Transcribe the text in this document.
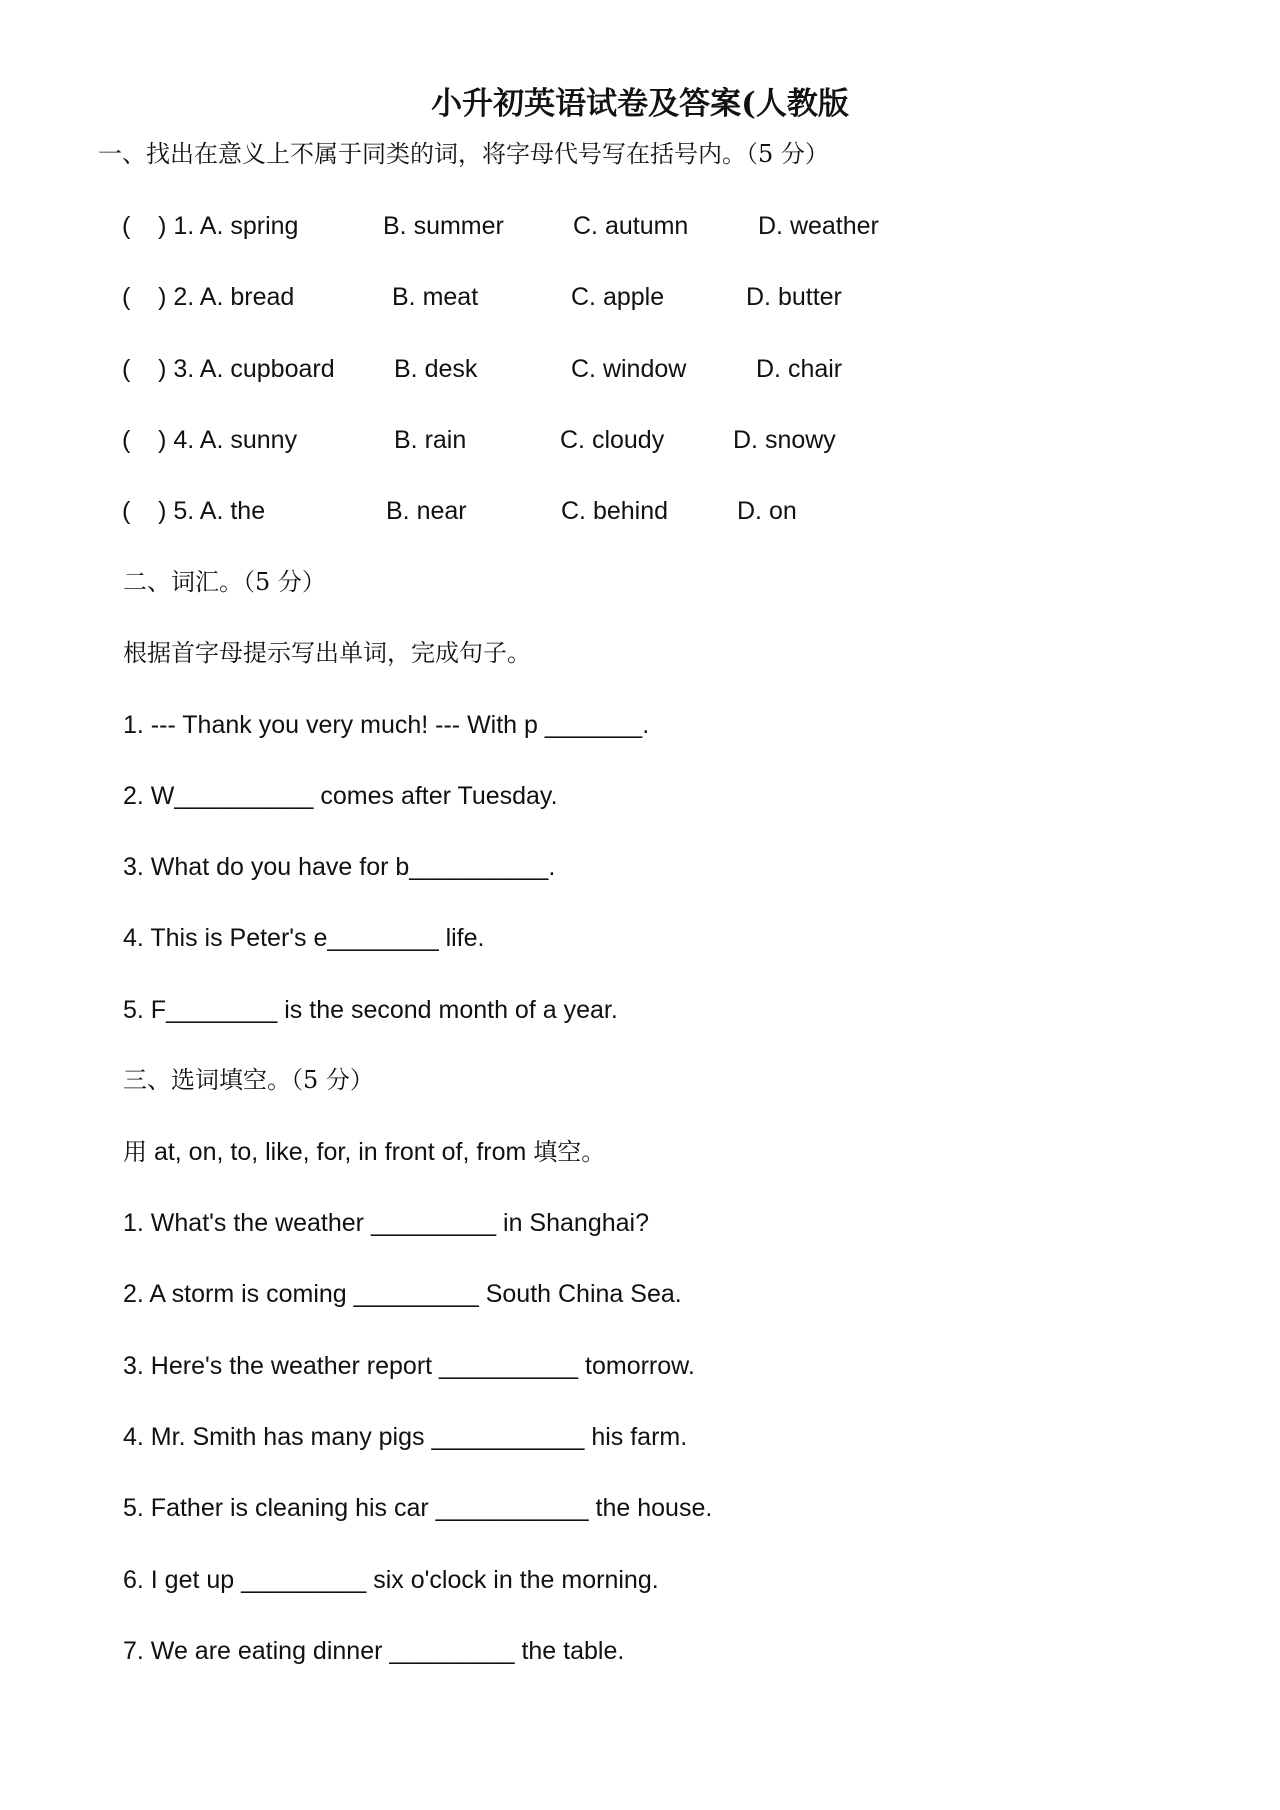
小升初英语试卷及答案(人教版
一、找出在意义上不属于同类的词，将字母代号写在括号内。（5 分）
(    ) 1. A. spring	B. summer	C. autumn	D. weather
(    ) 2. A. bread	B. meat	C. apple	D. butter
(    ) 3. A. cupboard B. desk	C. window	D. chair
(    ) 4. A. sunny	B. rain	C. cloudy	D. snowy
(    ) 5. A. the	B. near	C. behind	D. on
二、词汇。（5 分）
根据首字母提示写出单词，完成句子。
1. --- Thank you very much! --- With p _______.
2. W__________ comes after Tuesday.
3. What do you have for b__________.
4. This is Peter's e________ life.
5. F________ is the second month of a year.
三、选词填空。（5 分）
用 at, on, to, like, for, in front of, from 填空。
1. What's the weather _________ in Shanghai?
2. A storm is coming _________ South China Sea.
3. Here's the weather report __________ tomorrow.
4. Mr. Smith has many pigs ___________ his farm.
5. Father is cleaning his car ___________ the house.
6. I get up _________ six o'clock in the morning.
7. We are eating dinner _________ the table.
